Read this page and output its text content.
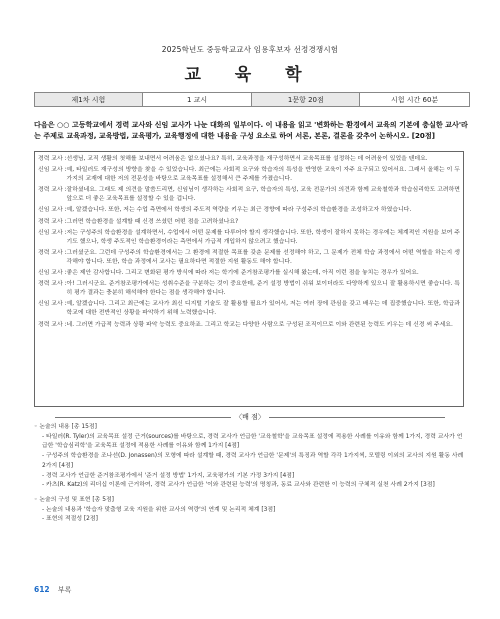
2025학년도 중등학교교사 임용후보자 선정경쟁시험
교 육 학
제1차 시험	1 교시	1문항 20점	시험 시간 60분
다음은 ○○ 고등학교에서 경력 교사와 신임 교사가 나눈 대화의 일부이다. 이 내용을 읽고 '변화하는 환경에서 교육의 기본에 충실한 교사'라는 주제로 교육과정, 교육방법, 교육평가, 교육행정에 대한 내용을 구성 요소로 하여 서론, 본론, 결론을 갖추어 논하시오. [20점]
경력 교사 : 선생님, 교직 생활의 첫해를 보내면서 어려움은 없으셨나요? 특히, 교육과정을 재구성하면서 교육목표를 설정하는 데 어려움이 있었을 텐데요.
신임 교사 : 예, 타일러도 재구성의 방향을 찾을 수 있었습니다. 최근에는 사회적 요구와 학습자의 특성을 반영한 교육이 자주 요구되고 있어서요. 그래서 올해는 이 두 가지의 교재에 대한 저의 전문성을 바탕으로 교육목표를 설정해서 큰 주제를 가졌습니다.
경력 교사 : 잘하셨네요. 그래도 제 의견을 말씀드리면, 신임님이 생각하는 사회적 요구, 학습자의 특성, 교육 전문가의 의견과 함께 교육철학과 학습심리학도 고려하면 앞으로 더 좋은 교육목표를 설정할 수 있을 겁니다.
신임 교사 : 예, 알겠습니다. 또한, 저는 수업 측면에서 학생의 주도적 역량을 키우는 최근 경향에 따라 구성주의 학습환경을 조성하고자 하였습니다.
경력 교사 : 그러면 학습환경을 설계할 때 신경 쓰셨던 어떤 점을 고려하셨나요?
신임 교사 : 저는 구성주의 학습환경을 설계하면서, 수업에서 어떤 문제를 다루어야 할지 생각했습니다. 또한, 학생이 잘하지 못하는 경우에는 체계적인 지원을 보여 주기도 했으나, 학생 주도적인 학습환경이라는 측면에서 가급적 개입하지 않으려고 했습니다.
경력 교사 : 그러셨군요. 그런데 구성주의 학습환경에서는 그 환경에 적절한 목표를 갖춘 문제를 선정해야 하고, 그 문제가 전체 학습 과정에서 어떤 역할을 하는지 생각해야 합니다. 또한, 학습 과정에서 교사는 필요하다면 적절한 지원 활동도 해야 합니다.
신임 교사 : 좋은 제안 감사합니다. 그리고 변화된 평가 방식에 따라 저는 학기에 준거참조평가를 실시해 왔는데, 아직 이런 점을 놓치는 경우가 있어요.
경력 교사 : 아! 그러시군요. 준거참조평가에서는 성취수준을 구분하는 것이 중요한데, 준거 설정 방법이 쉬워 보이더라도 다양하게 있으니 잘 활용하시면 좋습니다. 특히 평가 결과는 충분히 해석해야 한다는 점을 생각해야 합니다.
신임 교사 : 예, 알겠습니다. 그리고 최근에는 교사가 최신 디지털 기술도 잘 활용할 필요가 있어서, 저는 여러 장에 관심을 갖고 배우는 데 집중했습니다. 또한, 학급과 학교에 대한 전반적인 상황을 파악하기 위해 노력했습니다.
경력 교사 : 네. 그러면 가급적 능력과 상황 파악 능력도 중요하죠. 그리고 학교는 다양한 사람으로 구성된 조직이므로 이와 관련된 능력도 키우는 데 신경 써 주세요.
〈배 점〉
◦ 논술의 내용 [총 15점]
- 타일러(R. Tyler)의 교육목표 설정 근거(sources)를 바탕으로, 경력 교사가 언급한 '교육철학'을 교육목표 설정에 적용한 사례를 이유와 함께 1가지, 경력 교사가 언급한 '학습심리학'을 교육목표 설정에 적용한 사례를 이유와 함께 1가지 [4점]
- 구성주의 학습환경을 조나선(D. Jonassen)의 모형에 따라 설계할 때, 경력 교사가 언급한 '문제'의 특징과 역할 각각 1가지씩, 모델링 이외의 교사의 지원 활동 사례 2가지 [4점]
- 경력 교사가 언급한 준거참조평가에서 '준거 설정 방법' 1가지, 교육평가의 기본 가정 3가지 [4점]
- 카츠(R. Katz)의 리더십 이론에 근거하여, 경력 교사가 언급한 '이와 관련된 능력'의 명칭과, 동료 교사와 관련한 이 능력의 구체적 실천 사례 2가지 [3점]
◦ 논술의 구성 및 표현 [총 5점]
- 논술의 내용과 '학습자 맞춤형 교육 지원을 위한 교사의 역량'의 연계 및 논리적 체계 [3점]
- 표현의 적절성 [2점]
612 부록
